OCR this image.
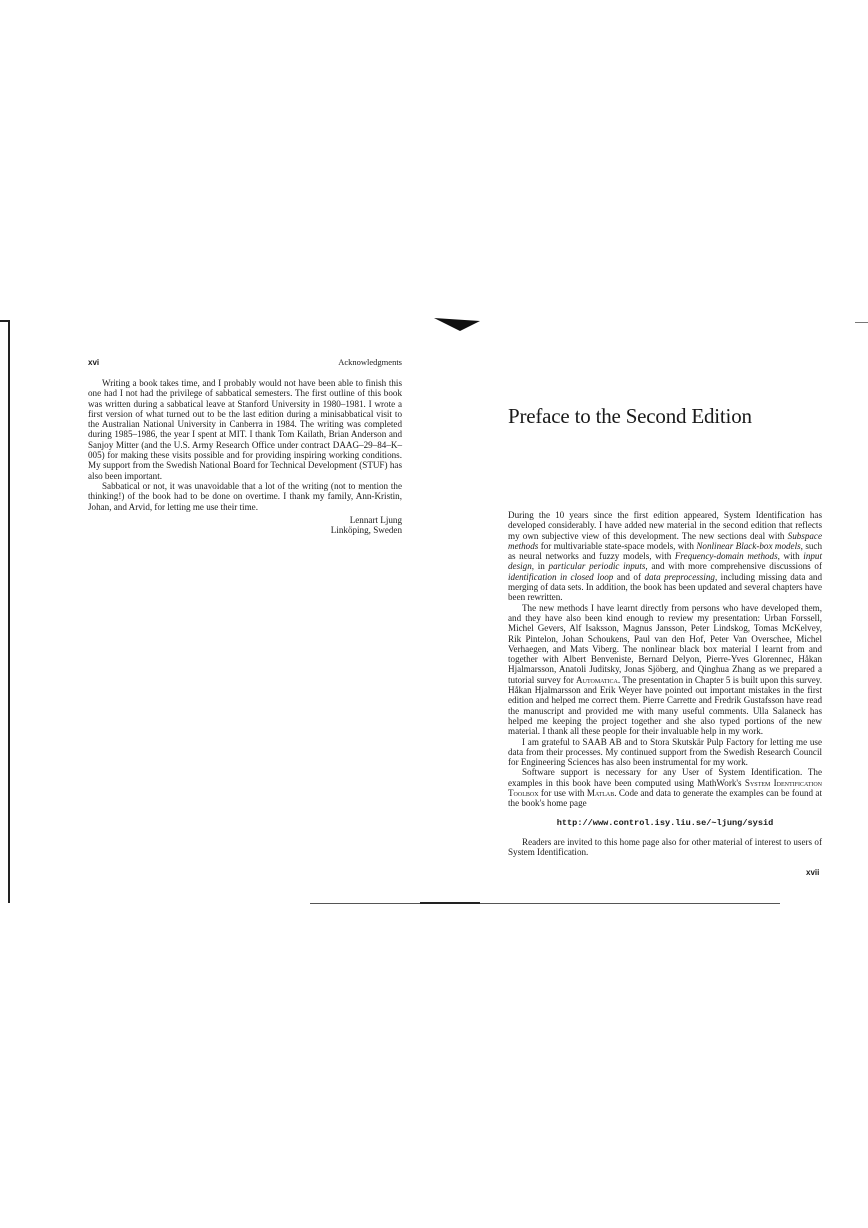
xvi	Acknowledgments

Writing a book takes time, and I probably would not have been able to finish this one had I not had the privilege of sabbatical semesters. The first outline of this book was written during a sabbatical leave at Stanford University in 1980–1981. I wrote a first version of what turned out to be the last edition during a minisabbatical visit to the Australian National University in Canberra in 1984. The writing was completed during 1985–1986, the year I spent at MIT. I thank Tom Kailath, Brian Anderson and Sanjoy Mitter (and the U.S. Army Research Office under contract DAAG–29–84–K–005) for making these visits possible and for providing inspiring working conditions. My support from the Swedish National Board for Technical Development (STUF) has also been important.

Sabbatical or not, it was unavoidable that a lot of the writing (not to mention the thinking!) of the book had to be done on overtime. I thank my family, Ann-Kristin, Johan, and Arvid, for letting me use their time.

Lennart Ljung
Linköping, Sweden
Preface to the Second Edition

During the 10 years since the first edition appeared, System Identification has developed considerably. I have added new material in the second edition that reflects my own subjective view of this development. The new sections deal with Subspace methods for multivariable state-space models, with Nonlinear Black-box models, such as neural networks and fuzzy models, with Frequency-domain methods, with input design, in particular periodic inputs, and with more comprehensive discussions of identification in closed loop and of data preprocessing, including missing data and merging of data sets. In addition, the book has been updated and several chapters have been rewritten.

The new methods I have learnt directly from persons who have developed them, and they have also been kind enough to review my presentation: Urban Forssell, Michel Gevers, Alf Isaksson, Magnus Jansson, Peter Lindskog, Tomas McKelvey, Rik Pintelon, Johan Schoukens, Paul van den Hof, Peter Van Overschee, Michel Verhaegen, and Mats Viberg. The nonlinear black box material I learnt from and together with Albert Benveniste, Bernard Delyon, Pierre-Yves Glorennec, Håkan Hjalmarsson, Anatoli Juditsky, Jonas Sjöberg, and Qinghua Zhang as we prepared a tutorial survey for Automatica. The presentation in Chapter 5 is built upon this survey. Håkan Hjalmarsson and Erik Weyer have pointed out important mistakes in the first edition and helped me correct them. Pierre Carrette and Fredrik Gustafsson have read the manuscript and provided me with many useful comments. Ulla Salaneck has helped me keeping the project together and she also typed portions of the new material. I thank all these people for their invaluable help in my work.

I am grateful to SAAB AB and to Stora Skutskär Pulp Factory for letting me use data from their processes. My continued support from the Swedish Research Council for Engineering Sciences has also been instrumental for my work.

Software support is necessary for any User of System Identification. The examples in this book have been computed using MathWork's System Identification Toolbox for use with Matlab. Code and data to generate the examples can be found at the book's home page

http://www.control.isy.liu.se/~ljung/sysid

Readers are invited to this home page also for other material of interest to users of System Identification.

xvii
